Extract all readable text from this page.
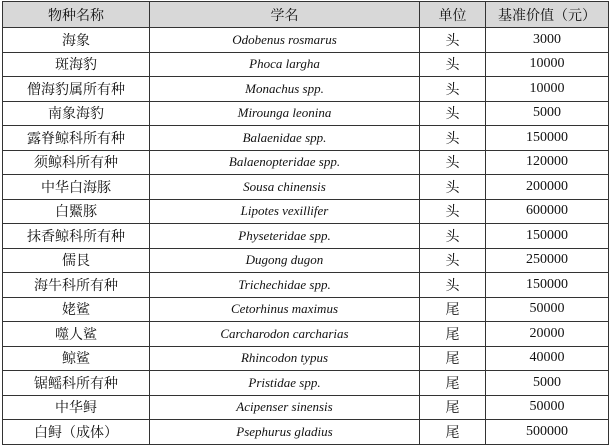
物种名称	学名	单位	基准价值（元）
海象	Odobenus rosmarus	头	3000
斑海豹	Phoca largha	头	10000
僧海豹属所有种	Monachus spp.	头	10000
南象海豹	Mirounga leonina	头	5000
露脊鲸科所有种	Balaenidae spp.	头	150000
须鲸科所有种	Balaenopteridae spp.	头	120000
中华白海豚	Sousa chinensis	头	200000
白鱀豚	Lipotes vexillifer	头	600000
抹香鲸科所有种	Physeteridae spp.	头	150000
儒艮	Dugong dugon	头	250000
海牛科所有种	Trichechidae spp.	头	150000
姥鲨	Cetorhinus maximus	尾	50000
噬人鲨	Carcharodon carcharias	尾	20000
鲸鲨	Rhincodon typus	尾	40000
锯鳐科所有种	Pristidae spp.	尾	5000
中华鲟	Acipenser sinensis	尾	50000
白鲟（成体）	Psephurus gladius	尾	500000
